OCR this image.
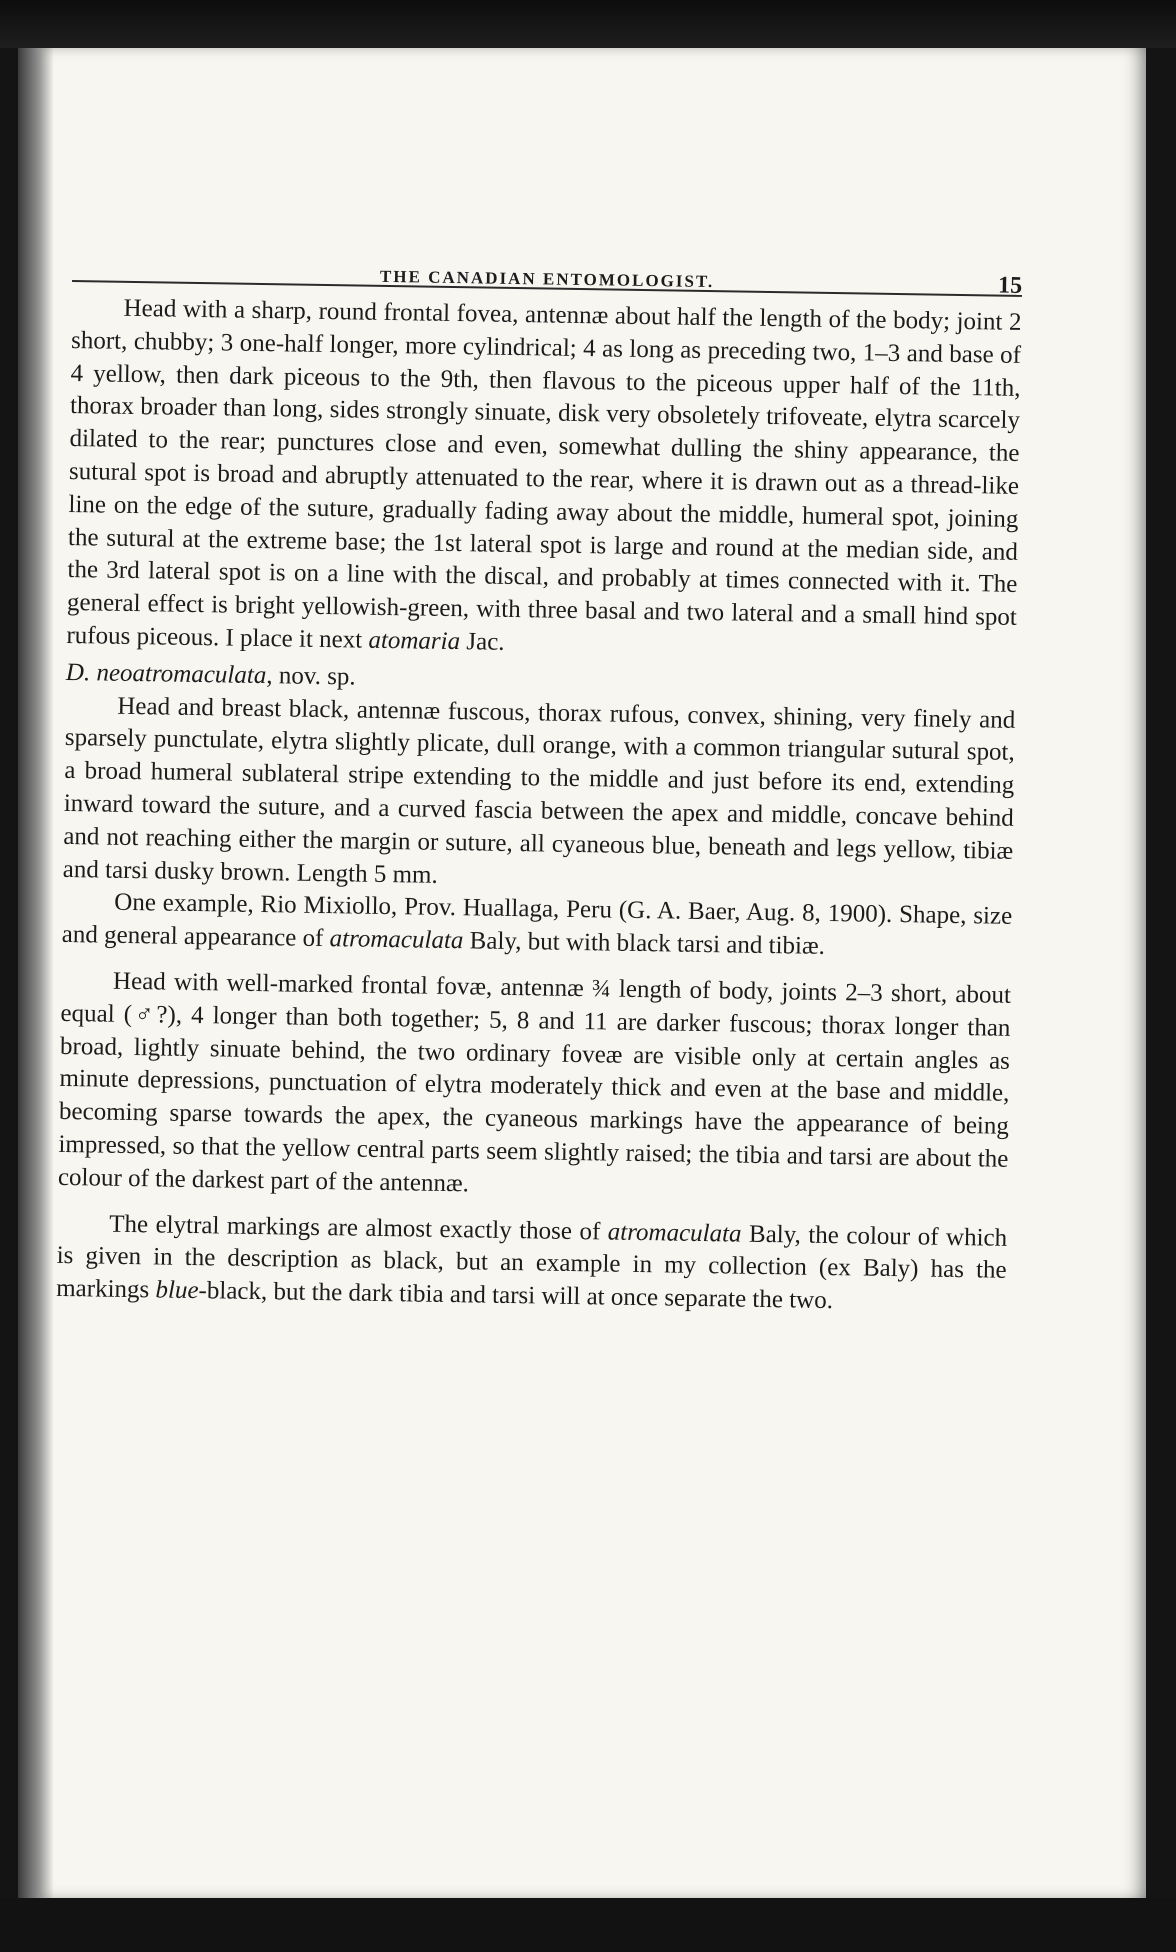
THE CANADIAN ENTOMOLOGIST.	15

Head with a sharp, round frontal fovea, antennæ about half the length of the body; joint 2 short, chubby; 3 one-half longer, more cylindrical; 4 as long as preceding two, 1–3 and base of 4 yellow, then dark piceous to the 9th, then flavous to the piceous upper half of the 11th, thorax broader than long, sides strongly sinuate, disk very obsoletely trifoveate, elytra scarcely dilated to the rear; punctures close and even, somewhat dulling the shiny appearance, the sutural spot is broad and abruptly attenuated to the rear, where it is drawn out as a thread-like line on the edge of the suture, gradually fading away about the middle, humeral spot, joining the sutural at the extreme base; the 1st lateral spot is large and round at the median side, and the 3rd lateral spot is on a line with the discal, and probably at times connected with it. The general effect is bright yellowish-green, with three basal and two lateral and a small hind spot rufous piceous. I place it next atomaria Jac.

D. neoatromaculata, nov. sp.

Head and breast black, antennæ fuscous, thorax rufous, convex, shining, very finely and sparsely punctulate, elytra slightly plicate, dull orange, with a common triangular sutural spot, a broad humeral sublateral stripe extending to the middle and just before its end, extending inward toward the suture, and a curved fascia between the apex and middle, concave behind and not reaching either the margin or suture, all cyaneous blue, beneath and legs yellow, tibiæ and tarsi dusky brown. Length 5 mm.

One example, Rio Mixiollo, Prov. Huallaga, Peru (G. A. Baer, Aug. 8, 1900). Shape, size and general appearance of atromaculata Baly, but with black tarsi and tibiæ.

Head with well-marked frontal fovæ, antennæ ¾ length of body, joints 2–3 short, about equal (♂?), 4 longer than both together; 5, 8 and 11 are darker fuscous; thorax longer than broad, lightly sinuate behind, the two ordinary foveæ are visible only at certain angles as minute depressions, punctuation of elytra moderately thick and even at the base and middle, becoming sparse towards the apex, the cyaneous markings have the appearance of being impressed, so that the yellow central parts seem slightly raised; the tibia and tarsi are about the colour of the darkest part of the antennæ.

The elytral markings are almost exactly those of atromaculata Baly, the colour of which is given in the description as black, but an example in my collection (ex Baly) has the markings blue-black, but the dark tibia and tarsi will at once separate the two.
